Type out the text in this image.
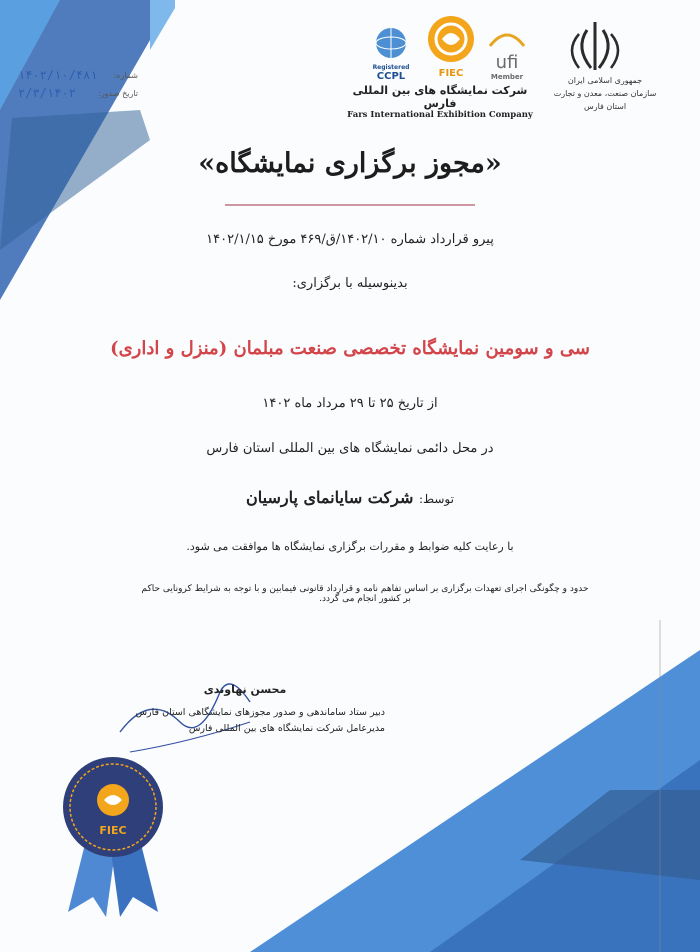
۱۴۰۲/۱۰/۴۸۱ شماره:
۲/۳/۱۴۰۲	تاریخ صدور:
Registered
CCPL	FIEC
ufi
Member
شرکت نمایشگاه های بین المللی فارس
Fars International Exhibition Company
جمهوری اسلامی ایران
سازمان صنعت، معدن و تجارت استان فارس
«مجوز برگزاری نمایشگاه»
پیرو قرارداد شماره ۱۴۰۲/۱۰/ق/۴۶۹ مورخ ۱۴۰۲/۱/۱۵
بدینوسیله با برگزاری:
سی و سومین نمایشگاه تخصصی صنعت مبلمان (منزل و اداری)
از تاریخ ۲۵ تا ۲۹ مرداد ماه ۱۴۰۲
در محل دائمی نمایشگاه های بین المللی استان فارس
توسط: شرکت سایانمای پارسیان
با رعایت کلیه ضوابط و مقررات برگزاری نمایشگاه ها موافقت می شود.
حدود و چگونگی اجرای تعهدات برگزاری بر اساس تفاهم نامه و قرارداد قانونی فیمابین و با توجه به شرایط کرونایی حاکم بر کشور انجام می گردد.
محسن نهاوندی
دبیر ستاد ساماندهی و صدور مجوزهای نمایشگاهی استان فارس
مدیرعامل شرکت نمایشگاه های بین المللی فارس
FIEC
